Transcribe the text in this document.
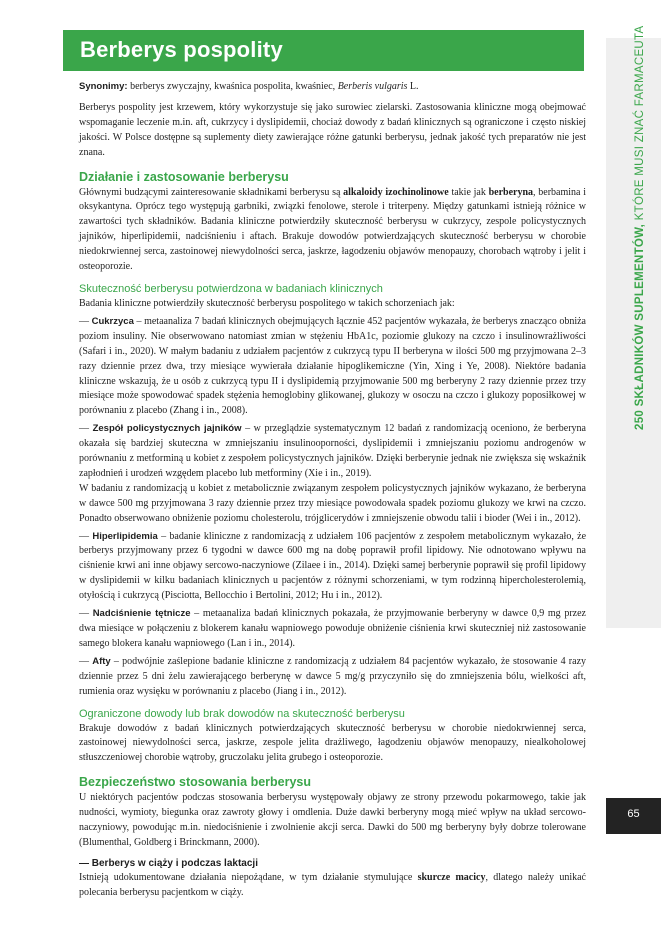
Berberys pospolity
250 SKŁADNIKÓW SUPLEMENTÓW, KTÓRE MUSI ZNAĆ FARMACEUTA
65

Synonimy: berberys zwyczajny, kwaśnica pospolita, kwaśniec, Berberis vulgaris L.

Berberys pospolity jest krzewem, który wykorzystuje się jako surowiec zielarski. Zastosowania kliniczne mogą obejmować wspomaganie leczenie m.in. aft, cukrzycy i dyslipidemii, chociaż dowody z badań klinicznych są ograniczone i często niskiej jakości. W Polsce dostępne są suplementy diety zawierające różne gatunki berberysu, jednak jakość tych preparatów nie jest znana.

Działanie i zastosowanie berberysu

Głównymi budzącymi zainteresowanie składnikami berberysu są alkaloidy izochinolinowe takie jak berberyna, berbamina i oksykantyna. Oprócz tego występują garbniki, związki fenolowe, sterole i triterpeny. Między gatunkami istnieją różnice w zawartości tych składników. Badania kliniczne potwierdziły skuteczność berberysu w cukrzycy, zespole policystycznych jajników, hiperlipidemii, nadciśnieniu i aftach. Brakuje dowodów potwierdzających skuteczność berberysu w chorobie niedokrwiennej serca, zastoinowej niewydolności serca, jaskrze, łagodzeniu objawów menopauzy, chorobach wątroby i jelit i osteoporozie.

Skuteczność berberysu potwierdzona w badaniach klinicznych

Badania kliniczne potwierdziły skuteczność berberysu pospolitego w takich schorzeniach jak:

— Cukrzyca – metaanaliza 7 badań klinicznych obejmujących łącznie 452 pacjentów wykazała, że berberys znacząco obniża poziom insuliny. Nie obserwowano natomiast zmian w stężeniu HbA1c, poziomie glukozy na czczo i insulinowrażliwości (Safari i in., 2020). W małym badaniu z udziałem pacjentów z cukrzycą typu II berberyna w ilości 500 mg przyjmowana 2–3 razy dziennie przez dwa, trzy miesiące wywierała działanie hipoglikemiczne (Yin, Xing i Ye, 2008). Niektóre badania kliniczne wskazują, że u osób z cukrzycą typu II i dyslipidemią przyjmowanie 500 mg berberyny 2 razy dziennie przez trzy miesiące może spowodować spadek stężenia hemoglobiny glikowanej, glukozy w osoczu na czczo i glukozy poposiłkowej w porównaniu z placebo (Zhang i in., 2008).

— Zespół policystycznych jajników – w przeglądzie systematycznym 12 badań z randomizacją oceniono, że berberyna okazała się bardziej skuteczna w zmniejszaniu insulinooporności, dyslipidemii i zmniejszaniu poziomu androgenów w porównaniu z metforminą u kobiet z zespołem policystycznych jajników. Dzięki berberynie jednak nie zwiększa się wskaźnik zapłodnień i urodzeń wzgędem placebo lub metforminy (Xie i in., 2019).

W badaniu z randomizacją u kobiet z metabolicznie związanym zespołem policystycznych jajników wykazano, że berberyna w dawce 500 mg przyjmowana 3 razy dziennie przez trzy miesiące powodowała spadek poziomu glukozy we krwi na czczo. Ponadto obserwowano obniżenie poziomu cholesterolu, trójglicerydów i zmniejszenie obwodu talii i bioder (Wei i in., 2012).

— Hiperlipidemia – badanie kliniczne z randomizacją z udziałem 106 pacjentów z zespołem metabolicznym wykazało, że berberys przyjmowany przez 6 tygodni w dawce 600 mg na dobę poprawił profil lipidowy. Nie odnotowano wpływu na ciśnienie krwi ani inne objawy sercowo-naczyniowe (Zilaee i in., 2014). Dzięki samej berberynie poprawił się profil lipidowy w dyslipidemii w kilku badaniach klinicznych u pacjentów z różnymi schorzeniami, w tym rodzinną hipercholesterolemią, otyłością i cukrzycą (Pisciotta, Bellocchio i Bertolini, 2012; Hu i in., 2012).

— Nadciśnienie tętnicze – metaanaliza badań klinicznych pokazała, że przyjmowanie berberyny w dawce 0,9 mg przez dwa miesiące w połączeniu z blokerem kanału wapniowego powoduje obniżenie ciśnienia krwi skuteczniej niż zastosowanie samego blokera kanału wapniowego (Lan i in., 2014).

— Afty – podwójnie zaślepione badanie kliniczne z randomizacją z udziałem 84 pacjentów wykazało, że stosowanie 4 razy dziennie przez 5 dni żelu zawierającego berberynę w dawce 5 mg/g przyczyniło się do zmniejszenia bólu, wielkości aft, rumienia oraz wysięku w porównaniu z placebo (Jiang i in., 2012).

Ograniczone dowody lub brak dowodów na skuteczność berberysu

Brakuje dowodów z badań klinicznych potwierdzających skuteczność berberysu w chorobie niedokrwiennej serca, zastoinowej niewydolności serca, jaskrze, zespole jelita drażliwego, łagodzeniu objawów menopauzy, niealkoholowej stłuszczeniowej chorobie wątroby, gruczolaku jelita grubego i osteoporozie.

Bezpieczeństwo stosowania berberysu

U niektórych pacjentów podczas stosowania berberysu występowały objawy ze strony przewodu pokarmowego, takie jak nudności, wymioty, biegunka oraz zawroty głowy i omdlenia. Duże dawki berberyny mogą mieć wpływ na układ sercowo-naczyniowy, powodując m.in. niedociśnienie i zwolnienie akcji serca. Dawki do 500 mg berberyny były dobrze tolerowane (Blumenthal, Goldberg i Brinckmann, 2000).

— Berberys w ciąży i podczas laktacji

Istnieją udokumentowane działania niepożądane, w tym działanie stymulujące skurcze macicy, dlatego należy unikać polecania berberysu pacjentkom w ciąży.
